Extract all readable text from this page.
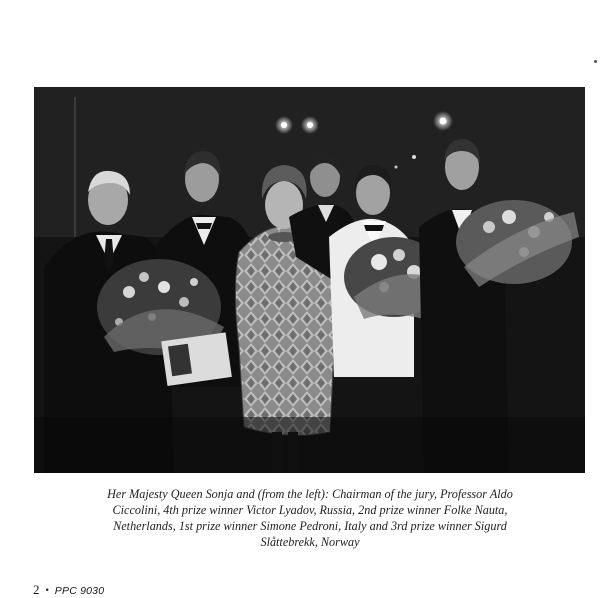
Her Majesty Queen Sonja and (from the left): Chairman of the jury, Professor Aldo
Ciccolini, 4th prize winner Victor Lyadov, Russia, 2nd prize winner Folke Nauta,
Netherlands, 1st prize winner Simone Pedroni, Italy and 3rd prize winner Sigurd
Slåttebrekk, Norway
2 • PPC 9030
